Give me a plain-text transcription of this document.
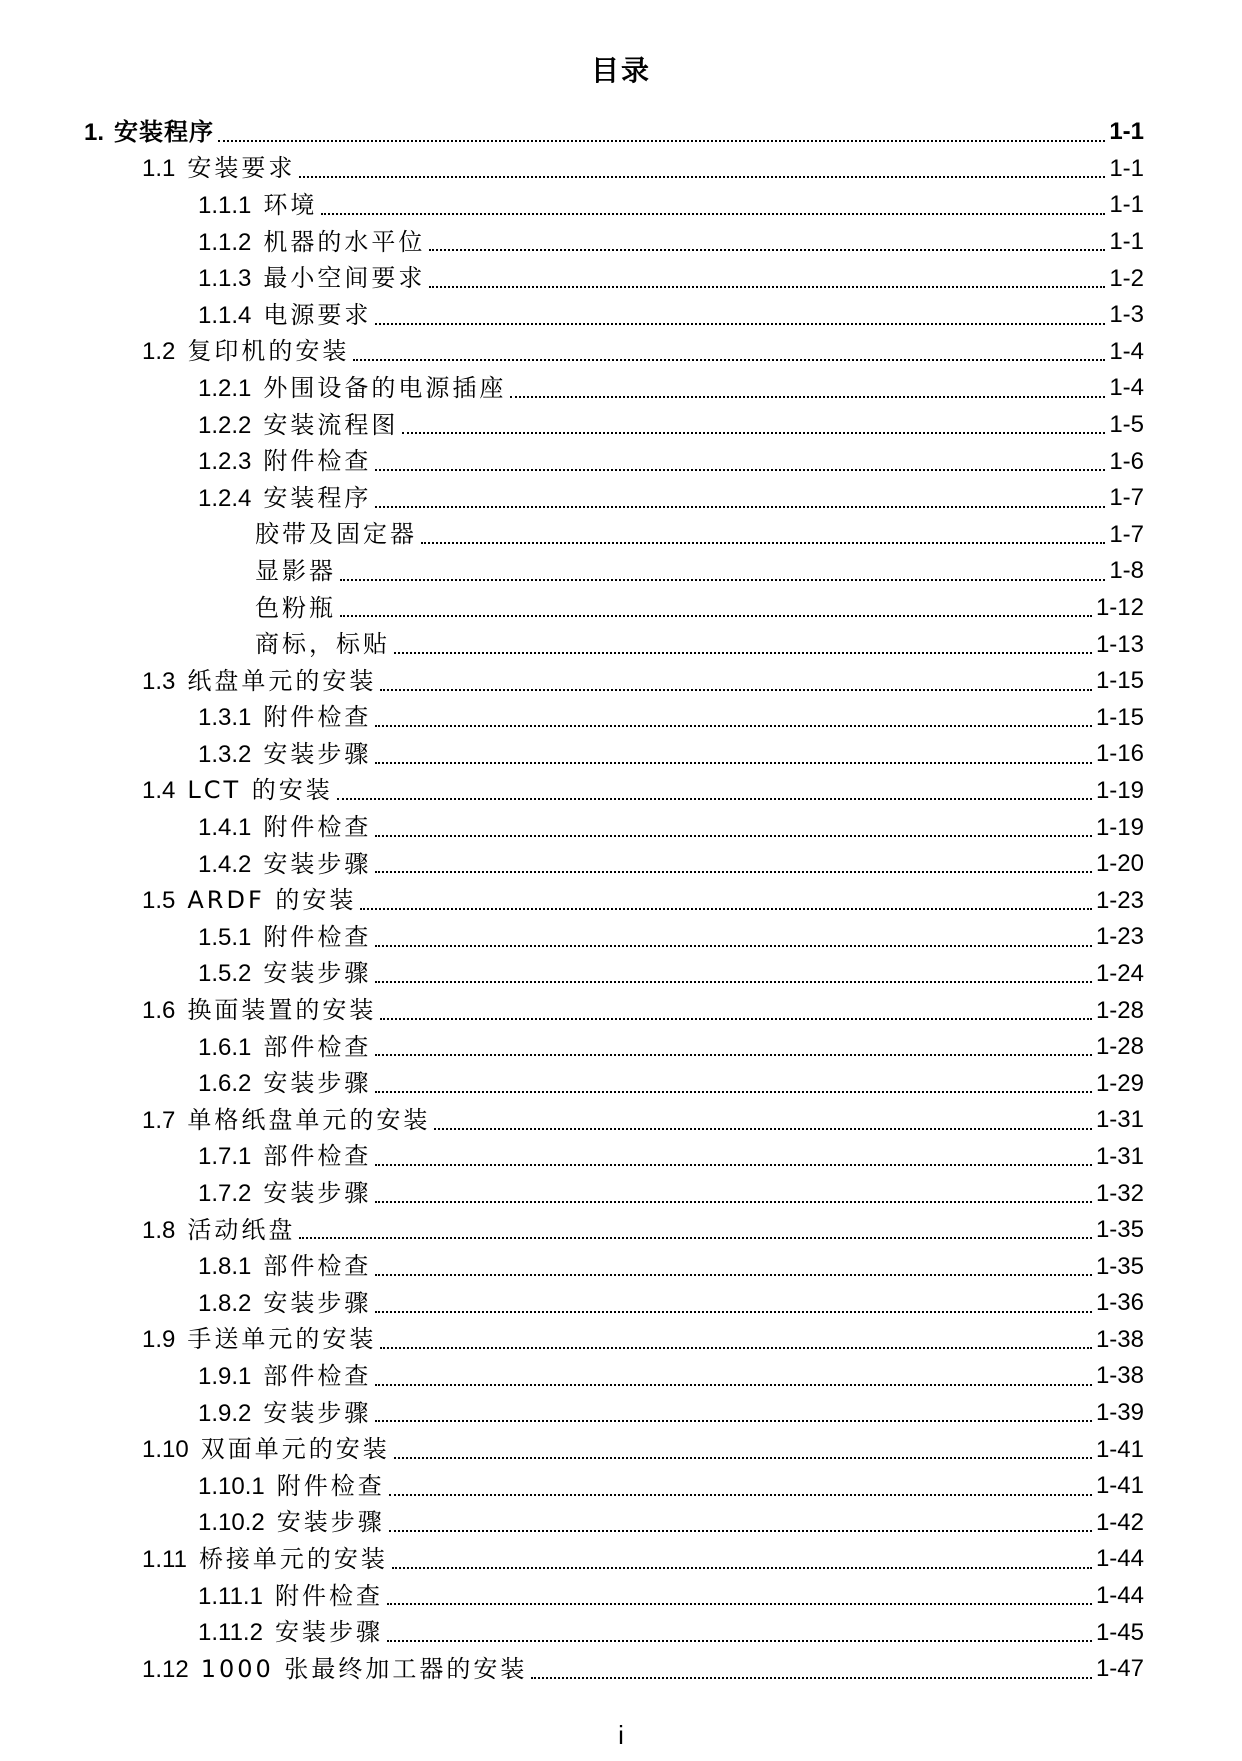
目录
1. 安装程序	1-1
1.1 安装要求	1-1
1.1.1 环境	1-1
1.1.2 机器的水平位	1-1
1.1.3 最小空间要求	1-2
1.1.4 电源要求	1-3
1.2 复印机的安装	1-4
1.2.1 外围设备的电源插座	1-4
1.2.2 安装流程图	1-5
1.2.3 附件检查	1-6
1.2.4 安装程序	1-7
胶带及固定器	1-7
显影器	1-8
色粉瓶	1-12
商标，标贴	1-13
1.3 纸盘单元的安装	1-15
1.3.1 附件检查	1-15
1.3.2 安装步骤	1-16
1.4 LCT 的安装	1-19
1.4.1 附件检查	1-19
1.4.2 安装步骤	1-20
1.5 ARDF 的安装	1-23
1.5.1 附件检查	1-23
1.5.2 安装步骤	1-24
1.6 换面装置的安装	1-28
1.6.1 部件检查	1-28
1.6.2 安装步骤	1-29
1.7 单格纸盘单元的安装	1-31
1.7.1 部件检查	1-31
1.7.2 安装步骤	1-32
1.8 活动纸盘	1-35
1.8.1 部件检查	1-35
1.8.2 安装步骤	1-36
1.9 手送单元的安装	1-38
1.9.1 部件检查	1-38
1.9.2 安装步骤	1-39
1.10 双面单元的安装	1-41
1.10.1 附件检查	1-41
1.10.2 安装步骤	1-42
1.11 桥接单元的安装	1-44
1.11.1 附件检查	1-44
1.11.2 安装步骤	1-45
1.12 1000 张最终加工器的安装	1-47
i
